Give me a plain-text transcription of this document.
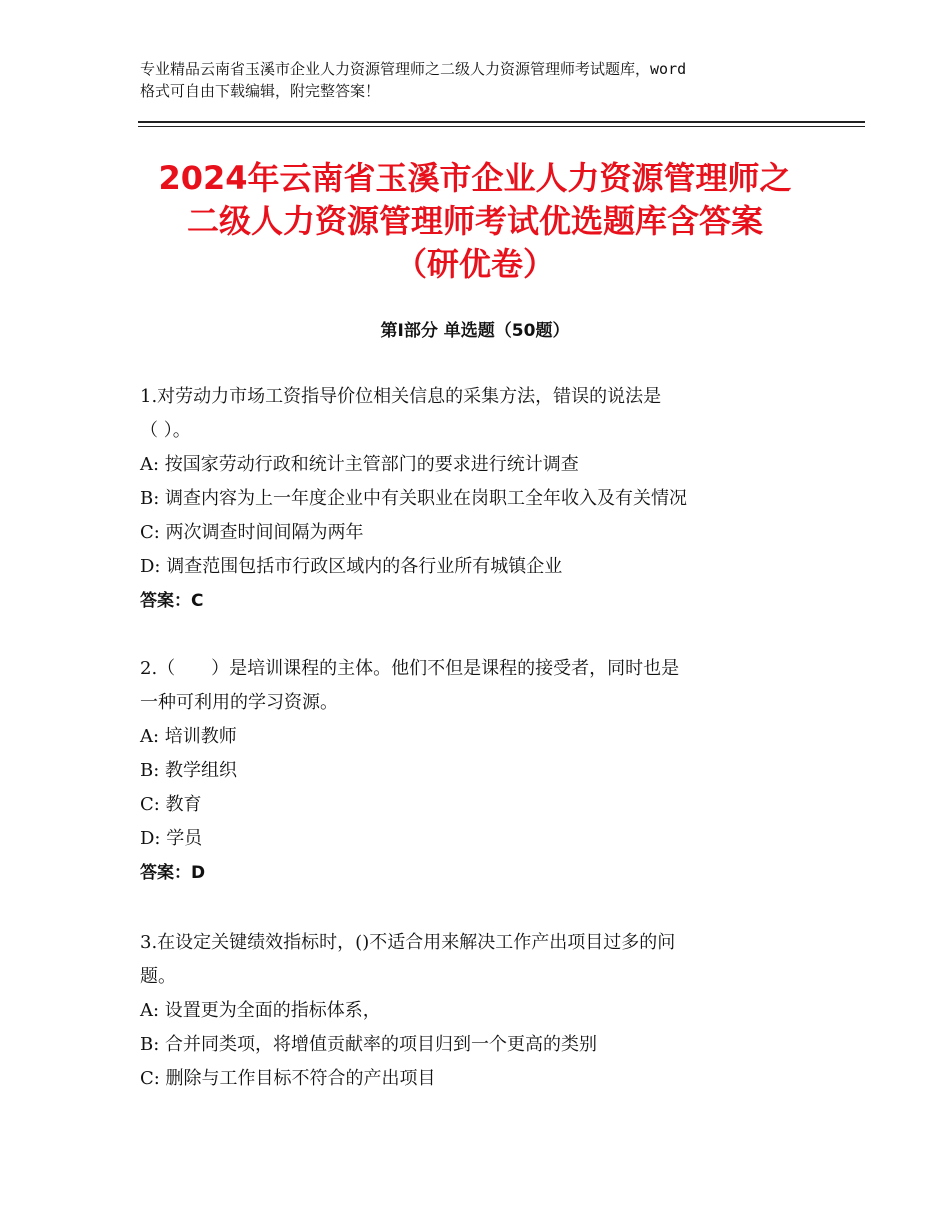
专业精品云南省玉溪市企业人力资源管理师之二级人力资源管理师考试题库，word
格式可自由下载编辑，附完整答案！
2024年云南省玉溪市企业人力资源管理师之
二级人力资源管理师考试优选题库含答案
（研优卷）
第Ⅰ部分 单选题（50题）
1.对劳动力市场工资指导价位相关信息的采集方法，错误的说法是
（ ）。
A: 按国家劳动行政和统计主管部门的要求进行统计调查
B: 调查内容为上一年度企业中有关职业在岗职工全年收入及有关情况
C: 两次调查时间间隔为两年
D: 调查范围包括市行政区域内的各行业所有城镇企业
答案：C
2.（　　）是培训课程的主体。他们不但是课程的接受者，同时也是
一种可利用的学习资源。
A: 培训教师
B: 教学组织
C: 教育
D: 学员
答案：D
3.在设定关键绩效指标时，()不适合用来解决工作产出项目过多的问
题。
A: 设置更为全面的指标体系，
B: 合并同类项，将增值贡献率的项目归到一个更高的类别
C: 删除与工作目标不符合的产出项目
